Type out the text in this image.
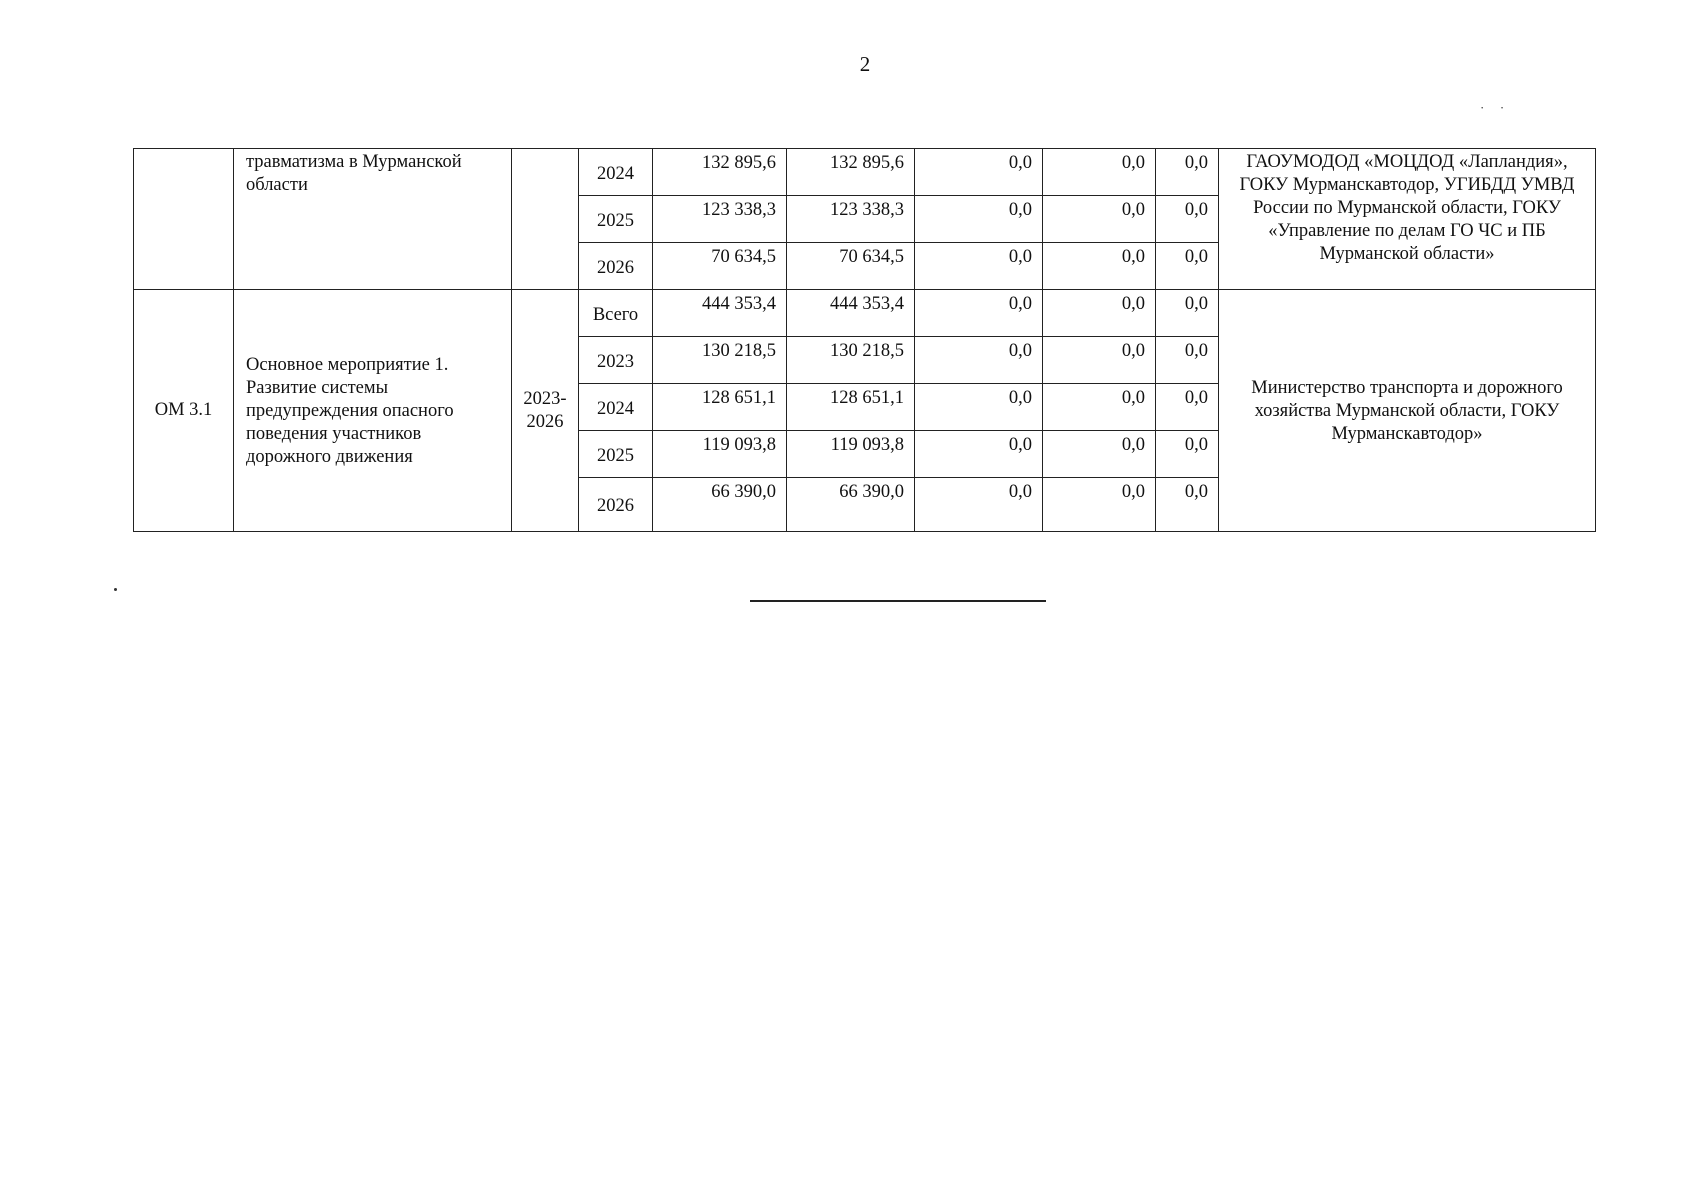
2
·  ·
	травматизма в Мурманской области		2024	132 895,6	132 895,6	0,0	0,0	0,0	ГАОУМОДОД «МОЦДОД «Лапландия», ГОКУ Мурманскавтодор, УГИБДД УМВД России по Мурманской области, ГОКУ «Управление по делам ГО ЧС и ПБ Мурманской области»
			2025	123 338,3	123 338,3	0,0	0,0	0,0	
			2026	70 634,5	70 634,5	0,0	0,0	0,0	
ОМ 3.1	Основное мероприятие 1. Развитие системы предупреждения опасного поведения участников дорожного движения	2023-2026	Всего	444 353,4	444 353,4	0,0	0,0	0,0	Министерство транспорта и дорожного хозяйства Мурманской области, ГОКУ Мурманскавтодор»
			2023	130 218,5	130 218,5	0,0	0,0	0,0	
			2024	128 651,1	128 651,1	0,0	0,0	0,0	
			2025	119 093,8	119 093,8	0,0	0,0	0,0	
			2026	66 390,0	66 390,0	0,0	0,0	0,0	
